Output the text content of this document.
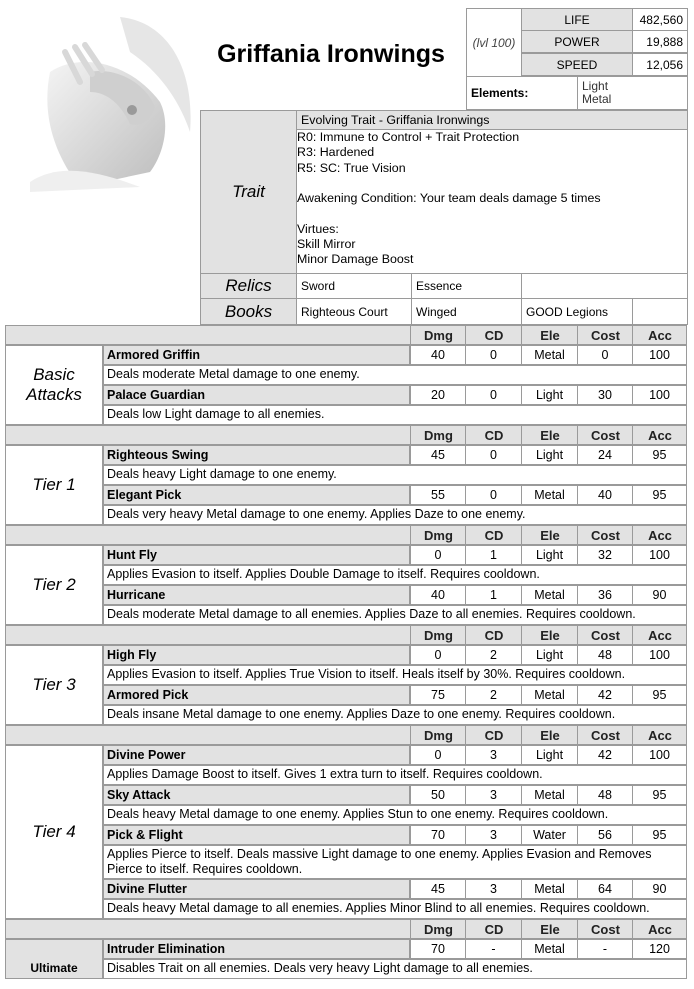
Griffania Ironwings	(lvl 100)
LIFE	482,560
POWER	19,888
SPEED	12,056
Elements:	Light
Metal
Trait
Evolving Trait - Griffania Ironwings
R0: Immune to Control + Trait Protection
R3: Hardened
R5: SC: True Vision
Awakening Condition: Your team deals damage 5 times
Virtues:
Skill Mirror
Minor Damage Boost
Relics	Sword	Essence
Books	Righteous Court	Winged	GOOD Legions
Dmg	CD	Ele	Cost	Acc
Armored Griffin	40	0	Metal	0	100
Deals moderate Metal damage to one enemy.
Palace Guardian	20	0	Light	30	100
Deals low Light damage to all enemies.
Basic Attacks
Dmg	CD	Ele	Cost	Acc
Righteous Swing	45	0	Light	24	95
Deals heavy Light damage to one enemy.
Elegant Pick	55	0	Metal	40	95
Deals very heavy Metal damage to one enemy. Applies Daze to one enemy.
Tier 1
Dmg	CD	Ele	Cost	Acc
Hunt Fly	0	1	Light	32	100
Applies Evasion to itself. Applies Double Damage to itself. Requires cooldown.
Hurricane	40	1	Metal	36	90
Deals moderate Metal damage to all enemies. Applies Daze to all enemies. Requires cooldown.
Tier 2
Dmg	CD	Ele	Cost	Acc
High Fly	0	2	Light	48	100
Applies Evasion to itself. Applies True Vision to itself. Heals itself by 30%. Requires cooldown.
Armored Pick	75	2	Metal	42	95
Deals insane Metal damage to one enemy. Applies Daze to one enemy. Requires cooldown.
Tier 3
Dmg	CD	Ele	Cost	Acc
Divine Power	0	3	Light	42	100
Applies Damage Boost to itself. Gives 1 extra turn to itself. Requires cooldown.
Sky Attack	50	3	Metal	48	95
Deals heavy Metal damage to one enemy. Applies Stun to one enemy. Requires cooldown.
Pick & Flight	70	3	Water	56	95
Applies Pierce to itself. Deals massive Light damage to one enemy. Applies Evasion and Removes Pierce to itself. Requires cooldown.
Divine Flutter	45	3	Metal	64	90
Deals heavy Metal damage to all enemies. Applies Minor Blind to all enemies. Requires cooldown.
Tier 4
Dmg	CD	Ele	Cost	Acc
Intruder Elimination	70	-	Metal	-	120
Disables Trait on all enemies. Deals very heavy Light damage to all enemies.
Ultimate
